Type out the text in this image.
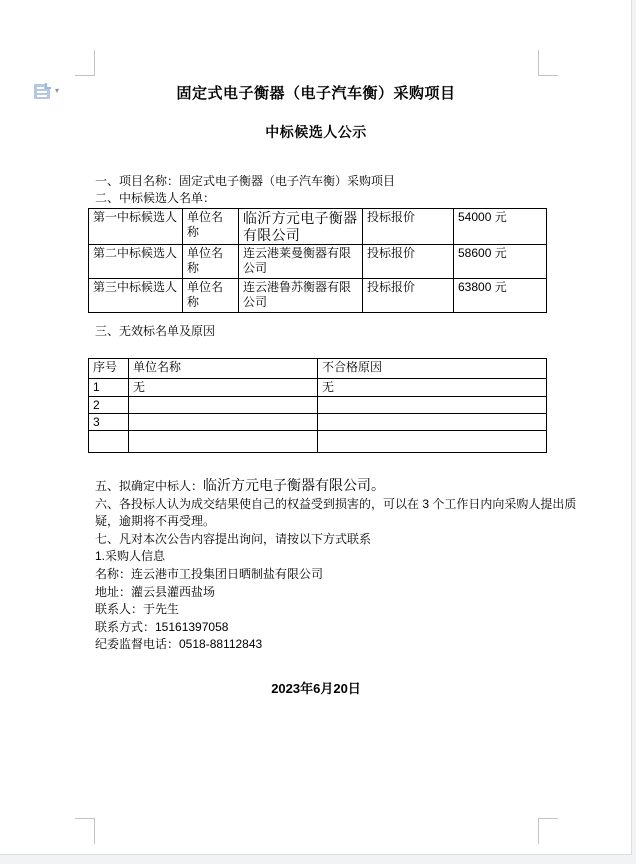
▾	固定式电子衡器（电子汽车衡）采购项目
中标候选人公示
一、项目名称：固定式电子衡器（电子汽车衡）采购项目
二、中标候选人名单：
第一中标候选人	单位名称	临沂方元电子衡器有限公司	投标报价	54000 元
第二中标候选人	单位名称	连云港莱曼衡器有限公司	投标报价	58600 元
第三中标候选人	单位名称	连云港鲁苏衡器有限公司	投标报价	63800 元
三、无效标名单及原因
序号	单位名称	不合格原因
1	无	无
2		
3		

五、拟确定中标人：临沂方元电子衡器有限公司。
六、各投标人认为成交结果使自己的权益受到损害的，可以在 3 个工作日内向采购人提出质
疑，逾期将不再受理。
七、凡对本次公告内容提出询问，请按以下方式联系
1.采购人信息
名称：连云港市工投集团日晒制盐有限公司
地址：灌云县灌西盐场
联系人：于先生
联系方式：15161397058
纪委监督电话：0518-88112843
2023年6月20日
